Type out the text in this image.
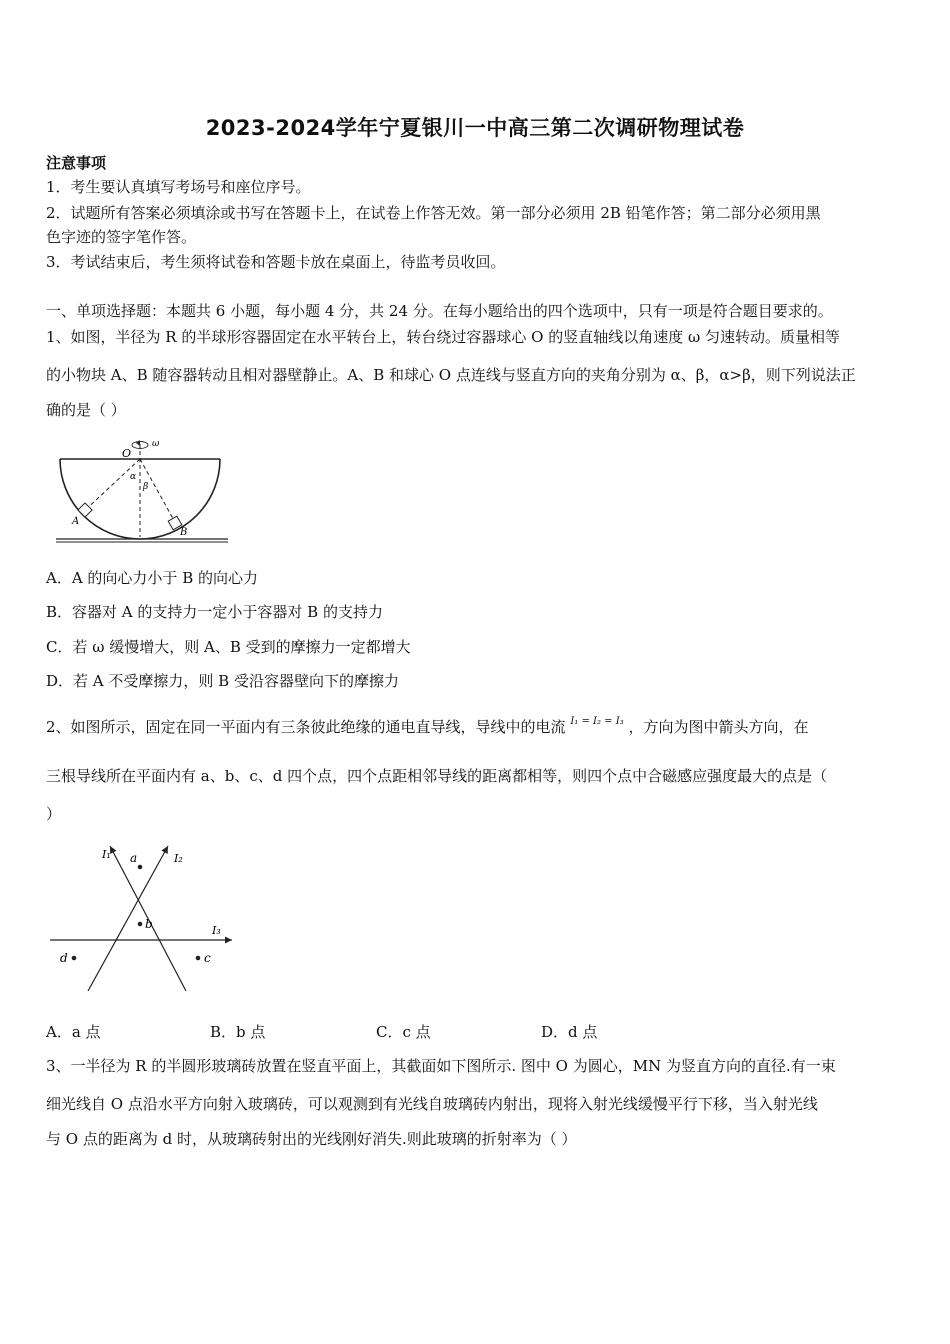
2023-2024学年宁夏银川一中高三第二次调研物理试卷
注意事项
1．考生要认真填写考场号和座位序号。
2．试题所有答案必须填涂或书写在答题卡上，在试卷上作答无效。第一部分必须用 2B 铅笔作答；第二部分必须用黑
色字迹的签字笔作答。
3．考试结束后，考生须将试卷和答题卡放在桌面上，待监考员收回。
一、单项选择题：本题共 6 小题，每小题 4 分，共 24 分。在每小题给出的四个选项中，只有一项是符合题目要求的。
1、如图，半径为 R 的半球形容器固定在水平转台上，转台绕过容器球心 O 的竖直轴线以角速度 ω 匀速转动。质量相等
的小物块 A、B 随容器转动且相对器壁静止。A、B 和球心 O 点连线与竖直方向的夹角分别为 α、β，α>β，则下列说法正
确的是（ ）
ω
O
α
β
A
B
A．A 的向心力小于 B 的向心力
B．容器对 A 的支持力一定小于容器对 B 的支持力
C．若 ω 缓慢增大，则 A、B 受到的摩擦力一定都增大
D．若 A 不受摩擦力，则 B 受沿容器壁向下的摩擦力
2、如图所示，固定在同一平面内有三条彼此绝缘的通电直导线，导线中的电流 $^{I_1 = I_2 = I_3}$ ，方向为图中箭头方向，在
三根导线所在平面内有 a、b、c、d 四个点，四个点距相邻导线的距离都相等，则四个点中合磁感应强度最大的点是（
）
I₁	I₂
I₃
a
b
c
d
A．a 点	B．b 点	C．c 点	D．d 点
3、一半径为 R 的半圆形玻璃砖放置在竖直平面上，其截面如下图所示. 图中 O 为圆心，MN 为竖直方向的直径.有一束
细光线自 O 点沿水平方向射入玻璃砖，可以观测到有光线自玻璃砖内射出，现将入射光线缓慢平行下移，当入射光线
与 O 点的距离为 d 时，从玻璃砖射出的光线刚好消失.则此玻璃的折射率为（ ）
